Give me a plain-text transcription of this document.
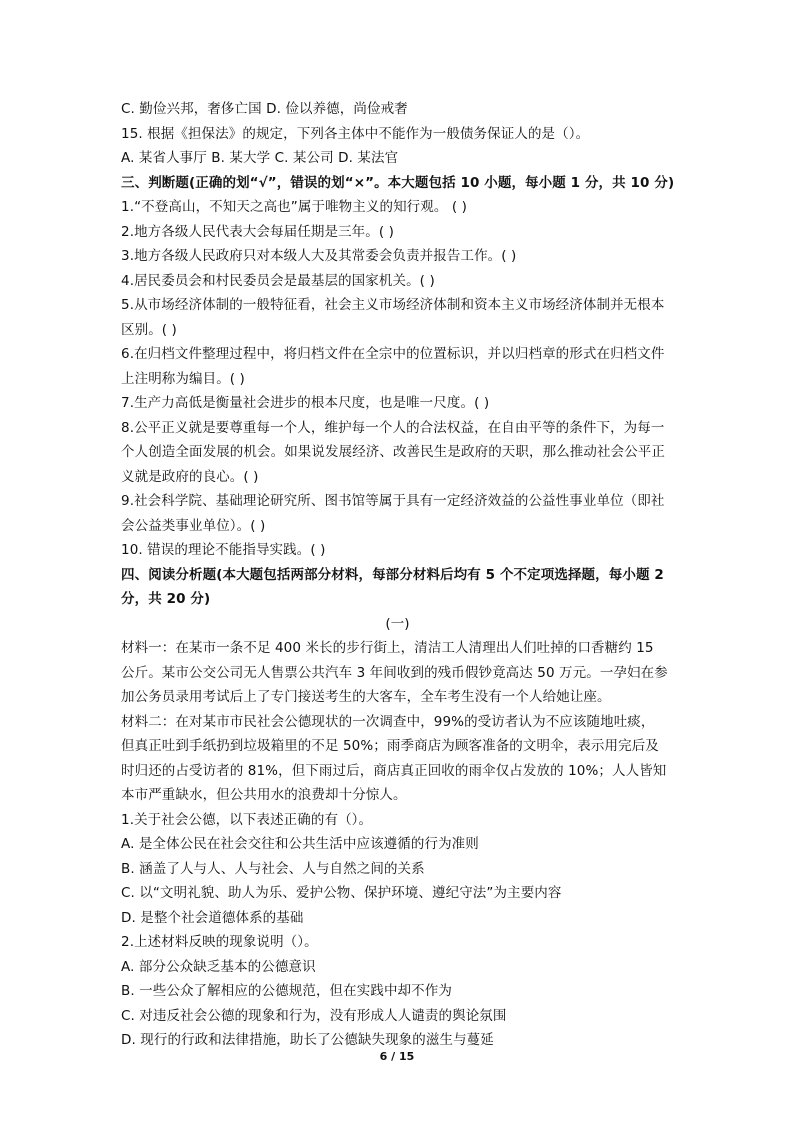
C. 勤俭兴邦，奢侈亡国 D. 俭以养德，尚俭戒奢
15. 根据《担保法》的规定，下列各主体中不能作为一般债务保证人的是（）。
A. 某省人事厅 B. 某大学 C. 某公司 D. 某法官
三、判断题(正确的划“√”，错误的划“×”。本大题包括 10 小题，每小题 1 分，共 10 分)
1.“不登高山，不知天之高也”属于唯物主义的知行观。 ( )
2.地方各级人民代表大会每届任期是三年。( )
3.地方各级人民政府只对本级人大及其常委会负责并报告工作。( )
4.居民委员会和村民委员会是最基层的国家机关。( )
5.从市场经济体制的一般特征看，社会主义市场经济体制和资本主义市场经济体制并无根本
区别。( )
6.在归档文件整理过程中，将归档文件在全宗中的位置标识，并以归档章的形式在归档文件
上注明称为编目。( )
7.生产力高低是衡量社会进步的根本尺度，也是唯一尺度。( )
8.公平正义就是要尊重每一个人，维护每一个人的合法权益，在自由平等的条件下，为每一
个人创造全面发展的机会。如果说发展经济、改善民生是政府的天职，那么推动社会公平正
义就是政府的良心。( )
9.社会科学院、基础理论研究所、图书馆等属于具有一定经济效益的公益性事业单位（即社
会公益类事业单位）。( )
10. 错误的理论不能指导实践。( )
四、阅读分析题(本大题包括两部分材料，每部分材料后均有 5 个不定项选择题，每小题 2
分，共 20 分)
(一)
材料一：在某市一条不足 400 米长的步行街上，清洁工人清理出人们吐掉的口香糖约 15
公斤。某市公交公司无人售票公共汽车 3 年间收到的残币假钞竟高达 50 万元。一孕妇在参
加公务员录用考试后上了专门接送考生的大客车，全车考生没有一个人给她让座。
材料二：在对某市市民社会公德现状的一次调查中，99%的受访者认为不应该随地吐痰，
但真正吐到手纸扔到垃圾箱里的不足 50%；雨季商店为顾客准备的文明伞，表示用完后及
时归还的占受访者的 81%，但下雨过后，商店真正回收的雨伞仅占发放的 10%；人人皆知
本市严重缺水，但公共用水的浪费却十分惊人。
1.关于社会公德，以下表述正确的有（）。
A. 是全体公民在社会交往和公共生活中应该遵循的行为准则
B. 涵盖了人与人、人与社会、人与自然之间的关系
C. 以“文明礼貌、助人为乐、爱护公物、保护环境、遵纪守法”为主要内容
D. 是整个社会道德体系的基础
2.上述材料反映的现象说明（）。
A. 部分公众缺乏基本的公德意识
B. 一些公众了解相应的公德规范，但在实践中却不作为
C. 对违反社会公德的现象和行为，没有形成人人谴责的舆论氛围
D. 现行的行政和法律措施，助长了公德缺失现象的滋生与蔓延
6 / 15
